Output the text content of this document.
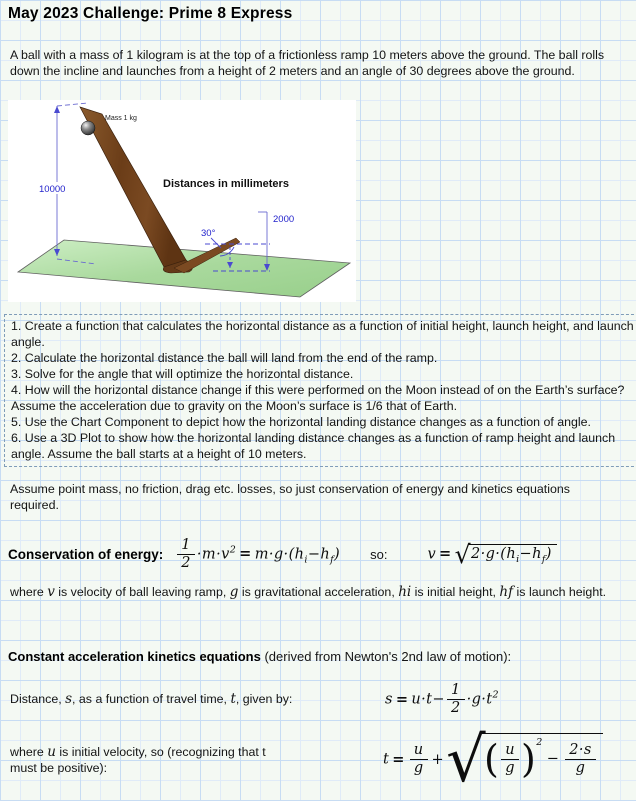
May 2023 Challenge: Prime 8 Express
A ball with a mass of 1 kilogram is at the top of a frictionless ramp 10 meters above the ground. The ball rolls down the incline and launches from a height of 2 meters and an angle of 30 degrees above the ground.
10000
Mass 1 kg
Distances in millimeters
30°
2000
1. Create a function that calculates the horizontal distance as a function of initial height, launch height, and launch angle.
2. Calculate the horizontal distance the ball will land from the end of the ramp.
3. Solve for the angle that will optimize the horizontal distance.
4. How will the horizontal distance change if this were performed on the Moon instead of on the Earth’s surface? Assume the acceleration due to gravity on the Moon’s surface is 1/6 that of Earth.
5. Use the Chart Component to depict how the horizontal landing distance changes as a function of angle.
6. Use a 3D Plot to show how the horizontal landing distance changes as a function of ramp height and launch angle. Assume the ball starts at a height of 10 meters.
Assume point mass, no friction, drag etc. losses, so just conservation of energy and kinetics equations required.
Conservation of energy: $\frac{1}{2} \cdot m\cdot v^2 = m\cdot g\cdot(h_i-h_f)$ so:	v = √ $2\cdot g\cdot(h_i-h_f)$
where v is velocity of ball leaving ramp, g is gravitational acceleration, hi is initial height, hf is launch height.
Constant acceleration kinetics equations (derived from Newton's 2nd law of motion):
Distance, s, as a function of travel time, t, given by:	$s = u\cdot t- \frac{1}{2} \cdot g\cdot t^2$
where u is initial velocity, so (recognizing that t
must be positive):
$t = \frac{u}{g}$ + √
( $\frac{u}{g} )^2- \frac{2\cdot s}{g}$
